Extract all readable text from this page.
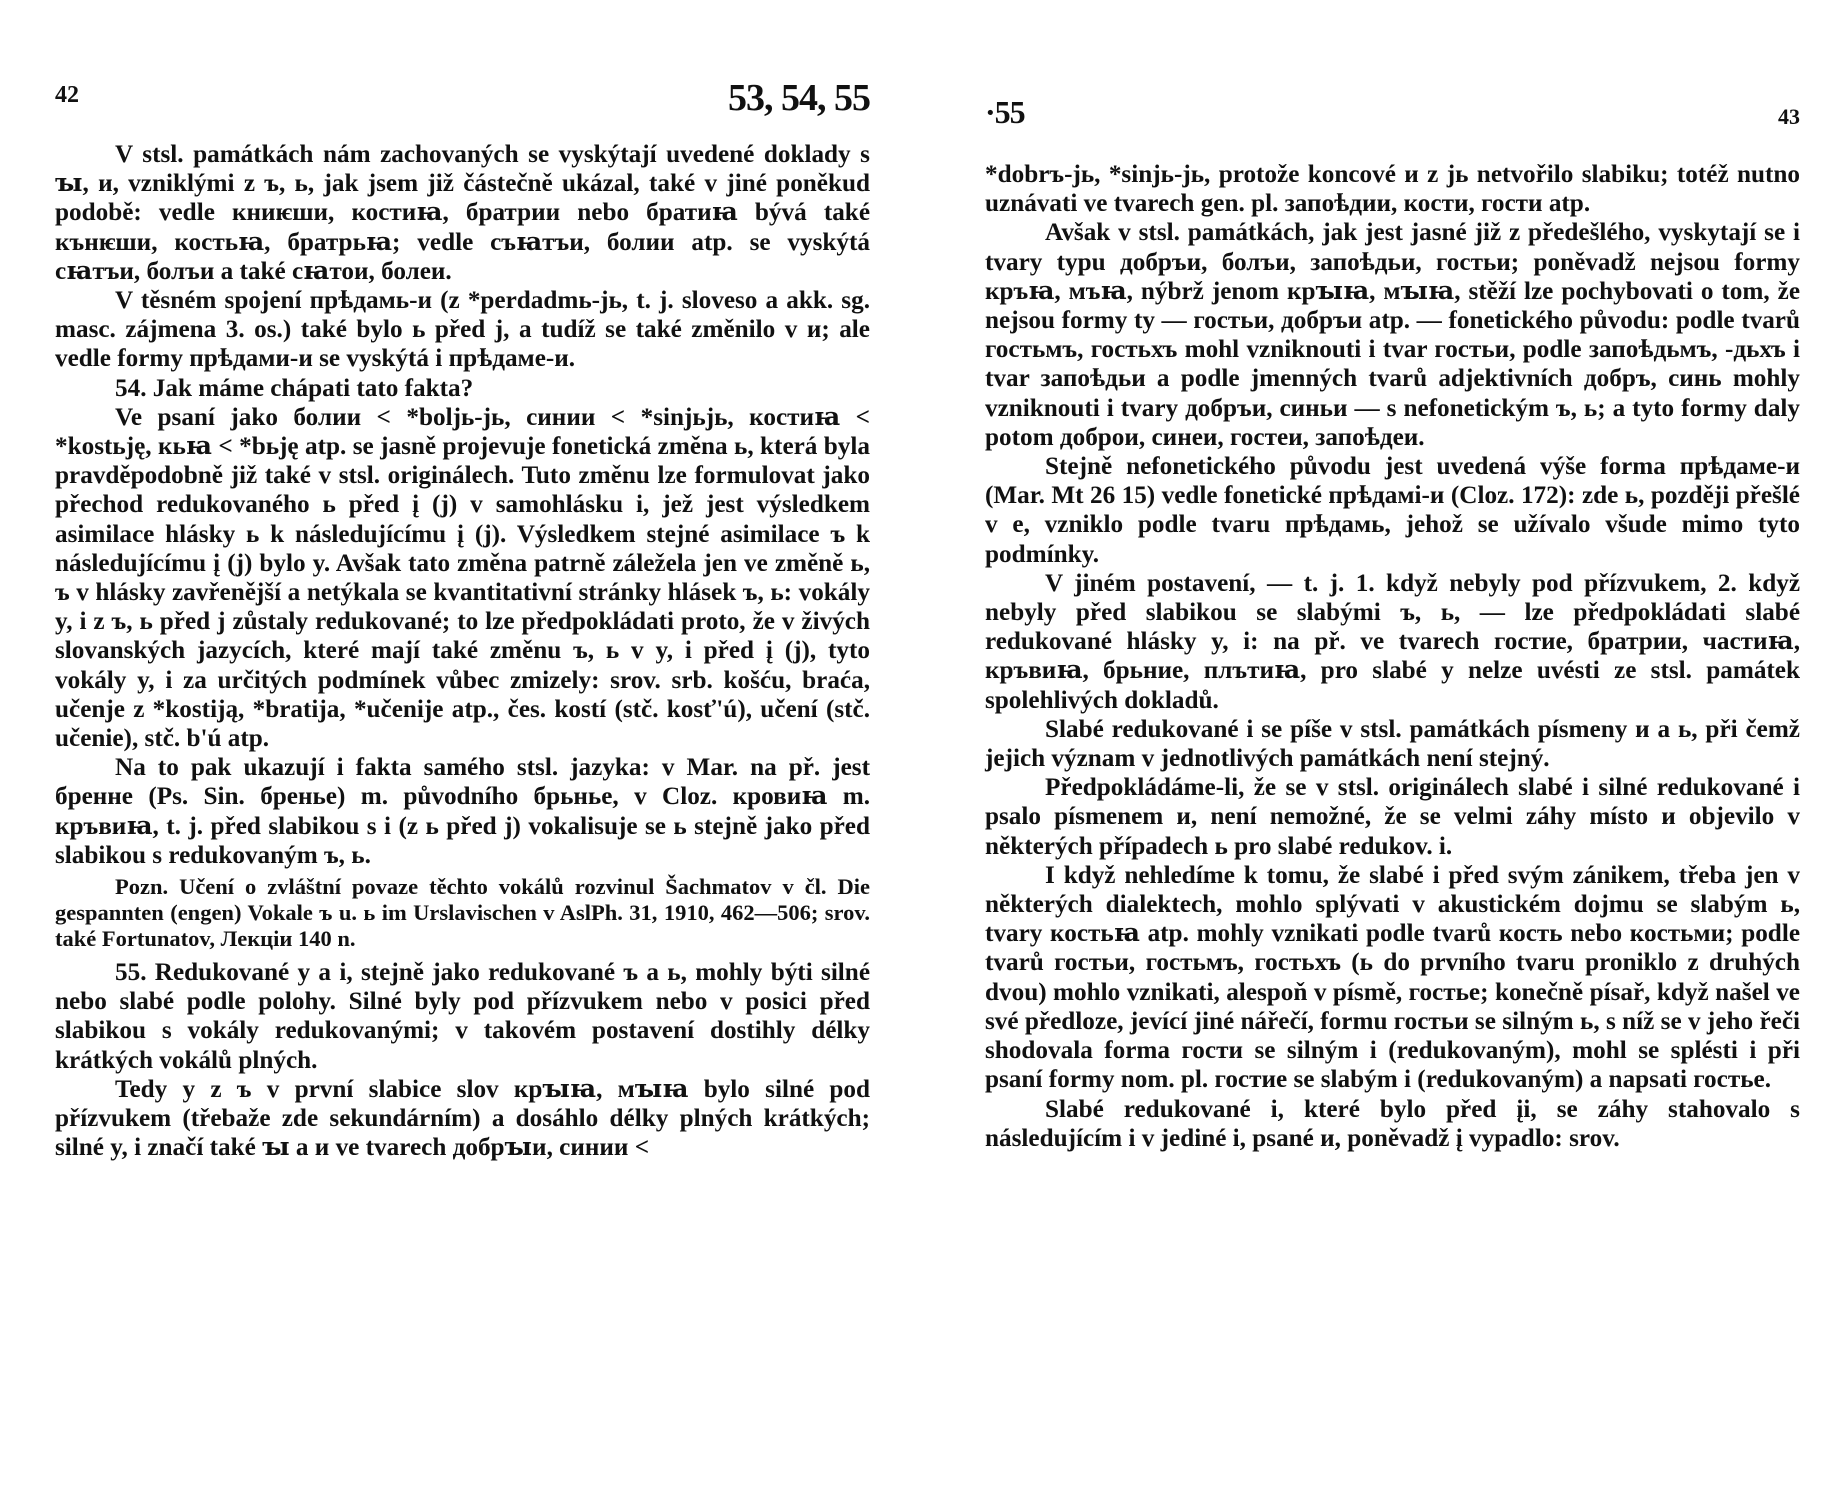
42	53, 54, 55

V stsl. památkách nám zachovaných se vyskýtají uvedené doklady s ꙑ, и, vzniklými z ъ, ь, jak jsem již částečně ukázal, také v jiné poněkud podobě: vedle книѥши, костиꙗ, братрии nebo братиꙗ bývá také кънѥши, костьꙗ, братрьꙗ; vedle съꙗтъи, болии atp. se vyskýtá сꙗтъи, болъи a také сꙗтои, болеи.

V těsném spojení прѣдамь-и (z *perdadmь-jь, t. j. sloveso a akk. sg. masc. zájmena 3. os.) také bylo ь před j, a tudíž se také změnilo v и; ale vedle formy прѣдами-и se vyskýtá i прѣдаме-и.

54. Jak máme chápati tato fakta?

Ve psaní jako болии < *boljь-jь, синии < *sinjьjь, костиꙗ < *kostьję, кьꙗ < *bьję atp. se jasně projevuje fonetická změna ь, která byla pravděpodobně již také v stsl. originálech. Tuto změnu lze formulovat jako přechod redukovaného ь před į (j) v samohlásku i, jež jest výsledkem asimilace hlásky ь k následujícímu į (j). Výsledkem stejné asimilace ъ k následujícímu į (j) bylo y. Avšak tato změna patrně záležela jen ve změně ь, ъ v hlásky zavřenější a netýkala se kvantitativní stránky hlásek ъ, ь: vokály y, i z ъ, ь před j zůstaly redukované; to lze předpokládati proto, že v živých slovanských jazycích, které mají také změnu ъ, ь v y, i před į (j), tyto vokály y, i za určitých podmínek vůbec zmizely: srov. srb. košću, braća, učenje z *kostiją, *bratija, *učenije atp., čes. kostí (stč. kosť'ú), učení (stč. učenie), stč. b'ú atp.

Na to pak ukazují i fakta samého stsl. jazyka: v Mar. na př. jest бренне (Ps. Sin. бренье) m. původního брьнье, v Cloz. кровиꙗ m. кръвиꙗ, t. j. před slabikou s i (z ь před j) vokalisuje se ь stejně jako před slabikou s redukovaným ъ, ь.

Pozn. Učení o zvláštní povaze těchto vokálů rozvinul Šachmatov v čl. Die gespannten (engen) Vokale ъ u. ь im Urslavischen v AslPh. 31, 1910, 462—506; srov. také Fortunatov, Лекціи 140 n.

55. Redukované y a i, stejně jako redukované ъ a ь, mohly býti silné nebo slabé podle polohy. Silné byly pod přízvukem nebo v posici před slabikou s vokály redukovanými; v takovém postavení dostihly délky krátkých vokálů plných.

Tedy y z ъ v první slabice slov крꙑꙗ, мꙑꙗ bylo silné pod přízvukem (třebaže zde sekundárním) a dosáhlo délky plných krátkých; silné y, i značí také ꙑ a и ve tvarech добрꙑи, синии <

·55	43

*dobrъ-jь, *sinjь-jь, protože koncové и z jь netvořilo slabiku; totéž nutno uznávati ve tvarech gen. pl. запоѣдии, кости, гости atp.

Avšak v stsl. památkách, jak jest jasné již z předešlého, vyskytají se i tvary typu добръи, болъи, запоѣдьи, гостьи; poněvadž nejsou formy кръꙗ, мъꙗ, nýbrž jenom крꙑꙗ, мꙑꙗ, stěží lze pochybovati o tom, že nejsou formy ty — гостьи, добръи atp. — fonetického původu: podle tvarů гостьмъ, гостьхъ mohl vzniknouti i tvar гостьи, podle запоѣдьмъ, -дьхъ i tvar запоѣдьи a podle jmenných tvarů adjektivních добръ, синь mohly vzniknouti i tvary добръи, синьи — s nefonetickým ъ, ь; a tyto formy daly potom доброи, синеи, гостеи, запоѣдеи.

Stejně nefonetického původu jest uvedená výše forma прѣдаме-и (Mar. Mt 26 15) vedle fonetické прѣдамі-и (Cloz. 172): zde ь, později přešlé v e, vzniklo podle tvaru прѣдамь, jehož se užívalo všude mimo tyto podmínky.

V jiném postavení, — t. j. 1. když nebyly pod přízvukem, 2. když nebyly před slabikou se slabými ъ, ь, — lze předpokládati slabé redukované hlásky y, i: na př. ve tvarech гостие, братрии, частиꙗ, кръвиꙗ, брьние, плътиꙗ, pro slabé y nelze uvésti ze stsl. památek spolehlivých dokladů.

Slabé redukované i se píše v stsl. památkách písmeny и a ь, při čemž jejich význam v jednotlivých památkách není stejný.

Předpokládáme-li, že se v stsl. originálech slabé i silné redukované i psalo písmenem и, není nemožné, že se velmi záhy místo и objevilo v některých případech ь pro slabé redukov. i.

I když nehledíme k tomu, že slabé i před svým zánikem, třeba jen v některých dialektech, mohlo splývati v akustickém dojmu se slabým ь, tvary костьꙗ atp. mohly vznikati podle tvarů кость nebo костьми; podle tvarů гостьи, гостьмъ, гостьхъ (ь do prvního tvaru proniklo z druhých dvou) mohlo vznikati, alespoň v písmě, гостье; konečně písař, když našel ve své předloze, jevící jiné nářečí, formu гостьи se silným ь, s níž se v jeho řeči shodovala forma гости se silným i (redukovaným), mohl se splésti i při psaní formy nom. pl. гостие se slabým i (redukovaným) a napsati гостье.

Slabé redukované i, které bylo před įi, se záhy stahovalo s následujícím i v jediné i, psané и, poněvadž į vypadlo: srov.
